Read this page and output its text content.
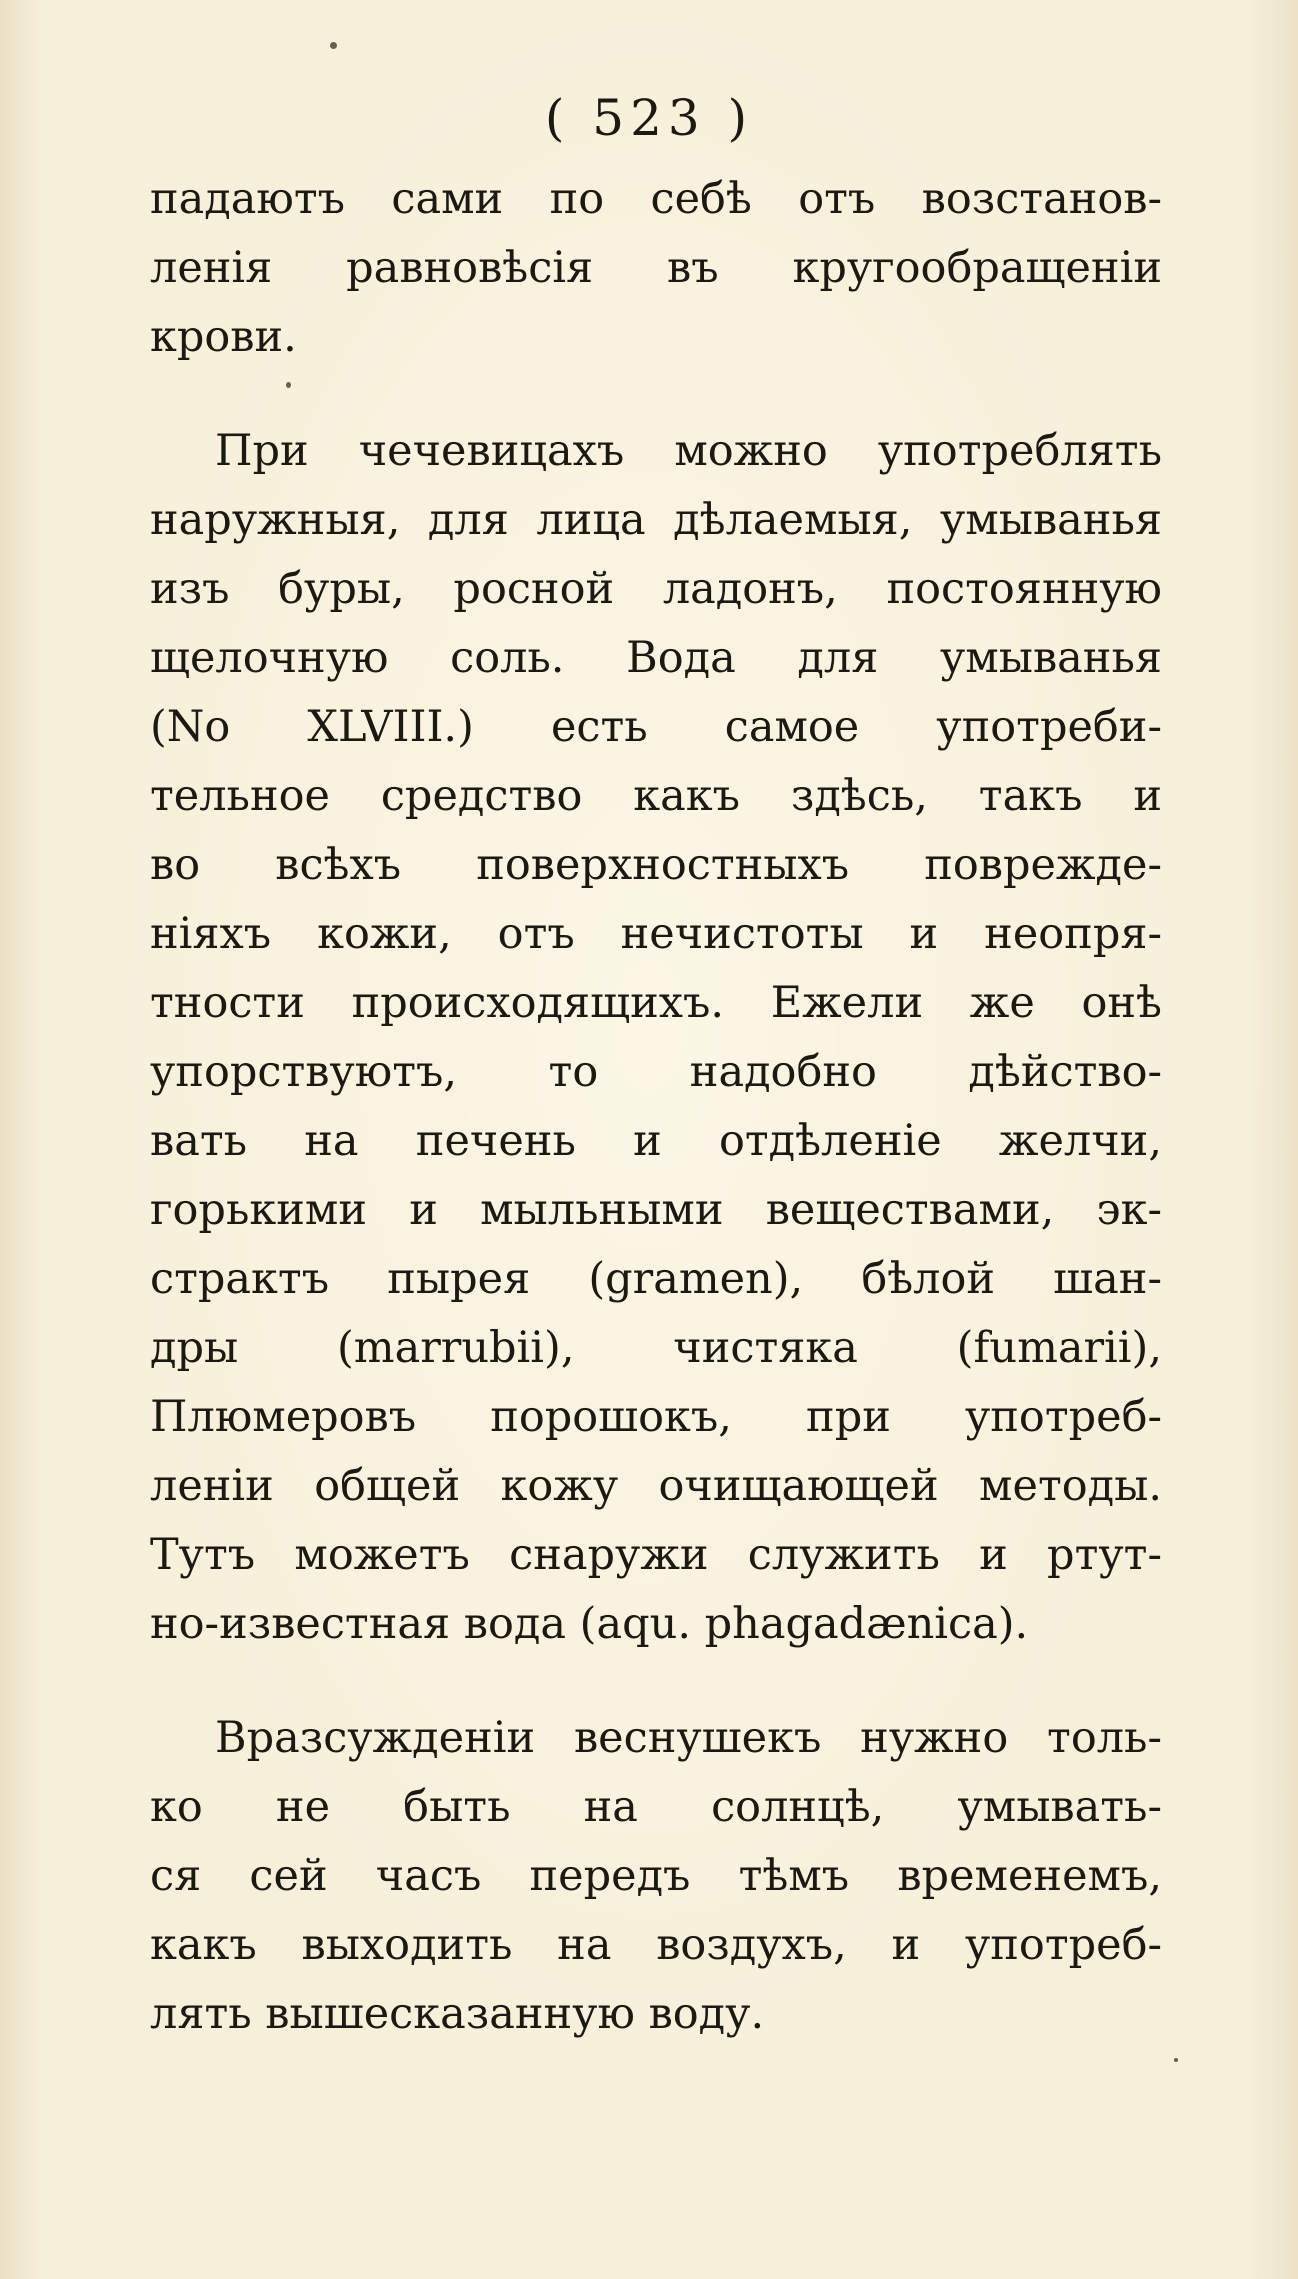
( 523 )

падаютъ сами по себѣ отъ возстанов-
ленія равновѣсія въ кругообращеніи
крови.

При чечевицахъ можно употреблять
наружныя, для лица дѣлаемыя, умыванья
изъ буры, росной ладонъ, постоянную
щелочную соль. Вода для умыванья
(No XLVIII.) есть самое употреби-
тельное средство какъ здѣсь, такъ и
во всѣхъ поверхностныхъ поврежде-
ніяхъ кожи, отъ нечистоты и неопря-
тности происходящихъ. Ежели же онѣ
упорствуютъ, то надобно дѣйство-
вать на печень и отдѣленіе желчи,
горькими и мыльными веществами, эк-
страктъ пырея (gramen), бѣлой шан-
дры (marrubii), чистяка (fumarii),
Плюмеровъ порошокъ, при употреб-
леніи общей кожу очищающей методы.
Тутъ можетъ снаружи служить и ртут-
но-известная вода (aqu. phagadænica).

Вразсужденіи веснушекъ нужно толь-
ко не быть на солнцѣ, умывать-
ся сей часъ передъ тѣмъ временемъ,
какъ выходить на воздухъ, и употреб-
лять вышесказанную воду.
